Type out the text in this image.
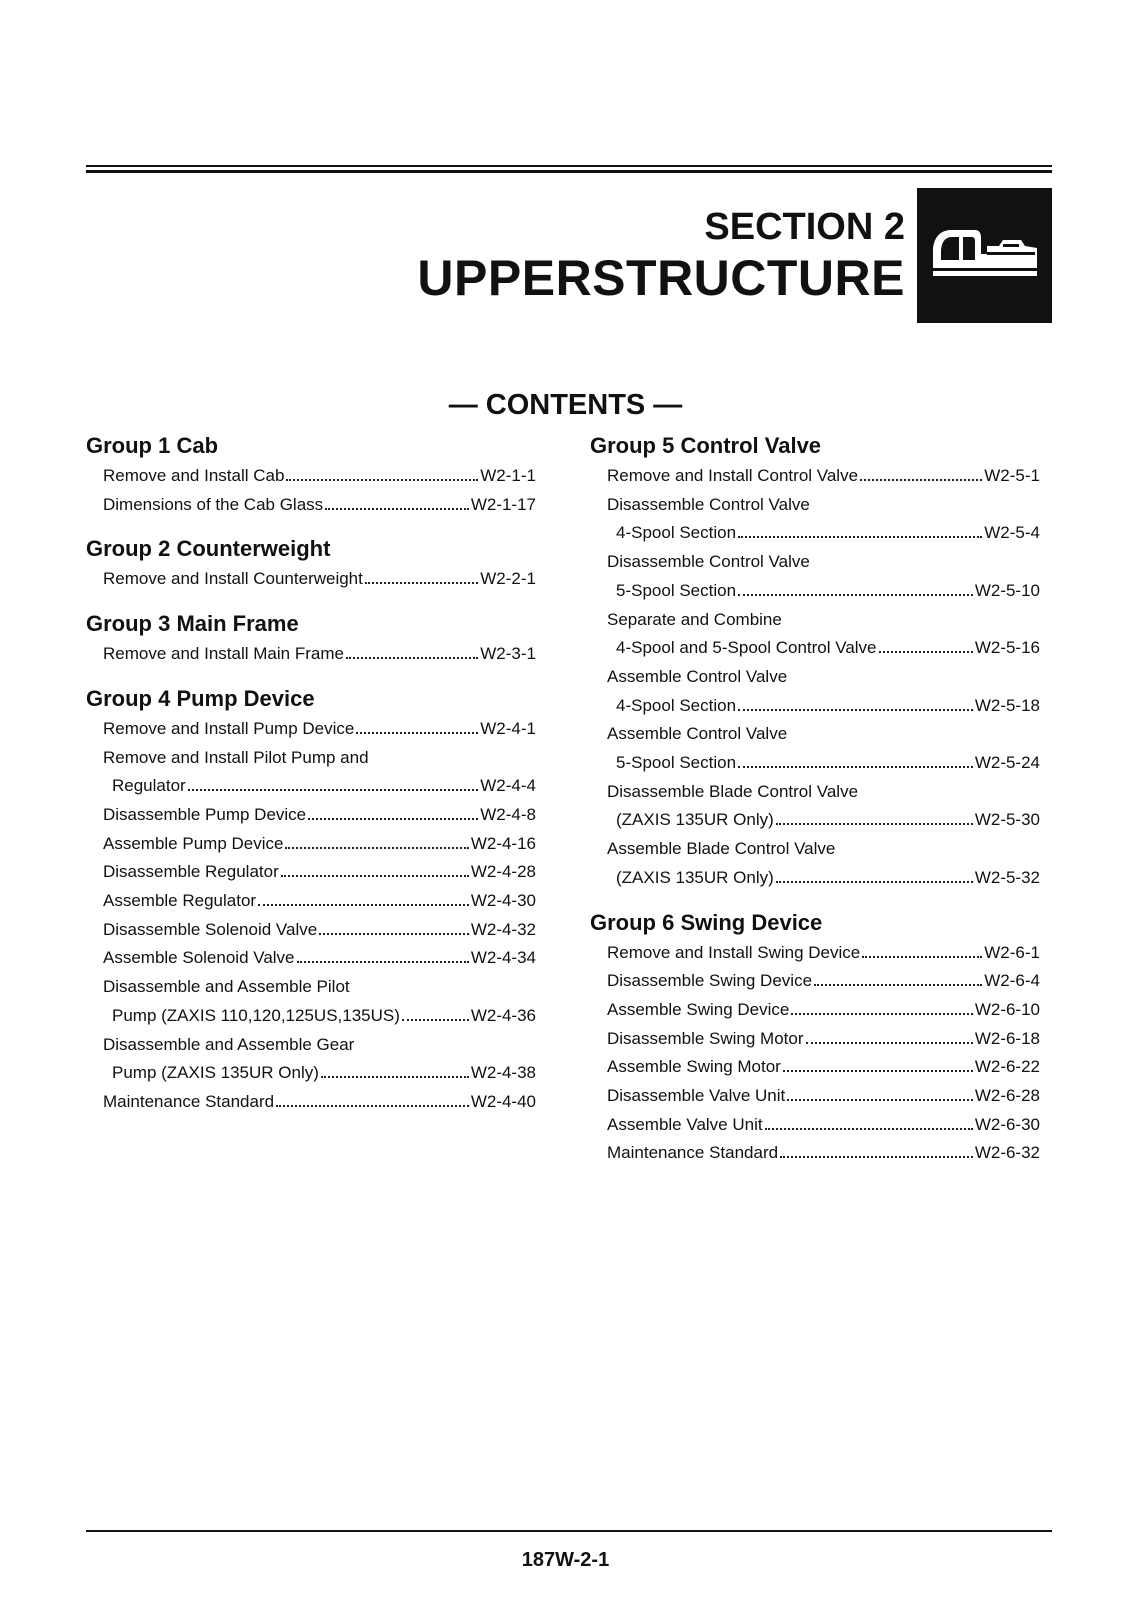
SECTION 2
UPPERSTRUCTURE
— CONTENTS —
Group 1 Cab
Remove and Install Cab	W2-1-1
Dimensions of the Cab Glass	W2-1-17
Group 2 Counterweight
Remove and Install Counterweight	W2-2-1
Group 3 Main Frame
Remove and Install Main Frame	W2-3-1
Group 4 Pump Device
Remove and Install Pump Device	W2-4-1
Remove and Install Pilot Pump and
Regulator	W2-4-4
Disassemble Pump Device	W2-4-8
Assemble Pump Device	W2-4-16
Disassemble Regulator	W2-4-28
Assemble Regulator	W2-4-30
Disassemble Solenoid Valve	W2-4-32
Assemble Solenoid Valve	W2-4-34
Disassemble and Assemble Pilot
Pump (ZAXIS 110,120,125US,135US)	W2-4-36
Disassemble and Assemble Gear
Pump (ZAXIS 135UR Only)	W2-4-38
Maintenance Standard	W2-4-40
Group 5 Control Valve
Remove and Install Control Valve	W2-5-1
Disassemble Control Valve
4-Spool Section	W2-5-4
Disassemble Control Valve
5-Spool Section	W2-5-10
Separate and Combine
4-Spool and 5-Spool Control Valve	W2-5-16
Assemble Control Valve
4-Spool Section	W2-5-18
Assemble Control Valve
5-Spool Section	W2-5-24
Disassemble Blade Control Valve
(ZAXIS 135UR Only)	W2-5-30
Assemble Blade Control Valve
(ZAXIS 135UR Only)	W2-5-32
Group 6 Swing Device
Remove and Install Swing Device	W2-6-1
Disassemble Swing Device	W2-6-4
Assemble Swing Device	W2-6-10
Disassemble Swing Motor	W2-6-18
Assemble Swing Motor	W2-6-22
Disassemble Valve Unit	W2-6-28
Assemble Valve Unit	W2-6-30
Maintenance Standard	W2-6-32
187W-2-1
